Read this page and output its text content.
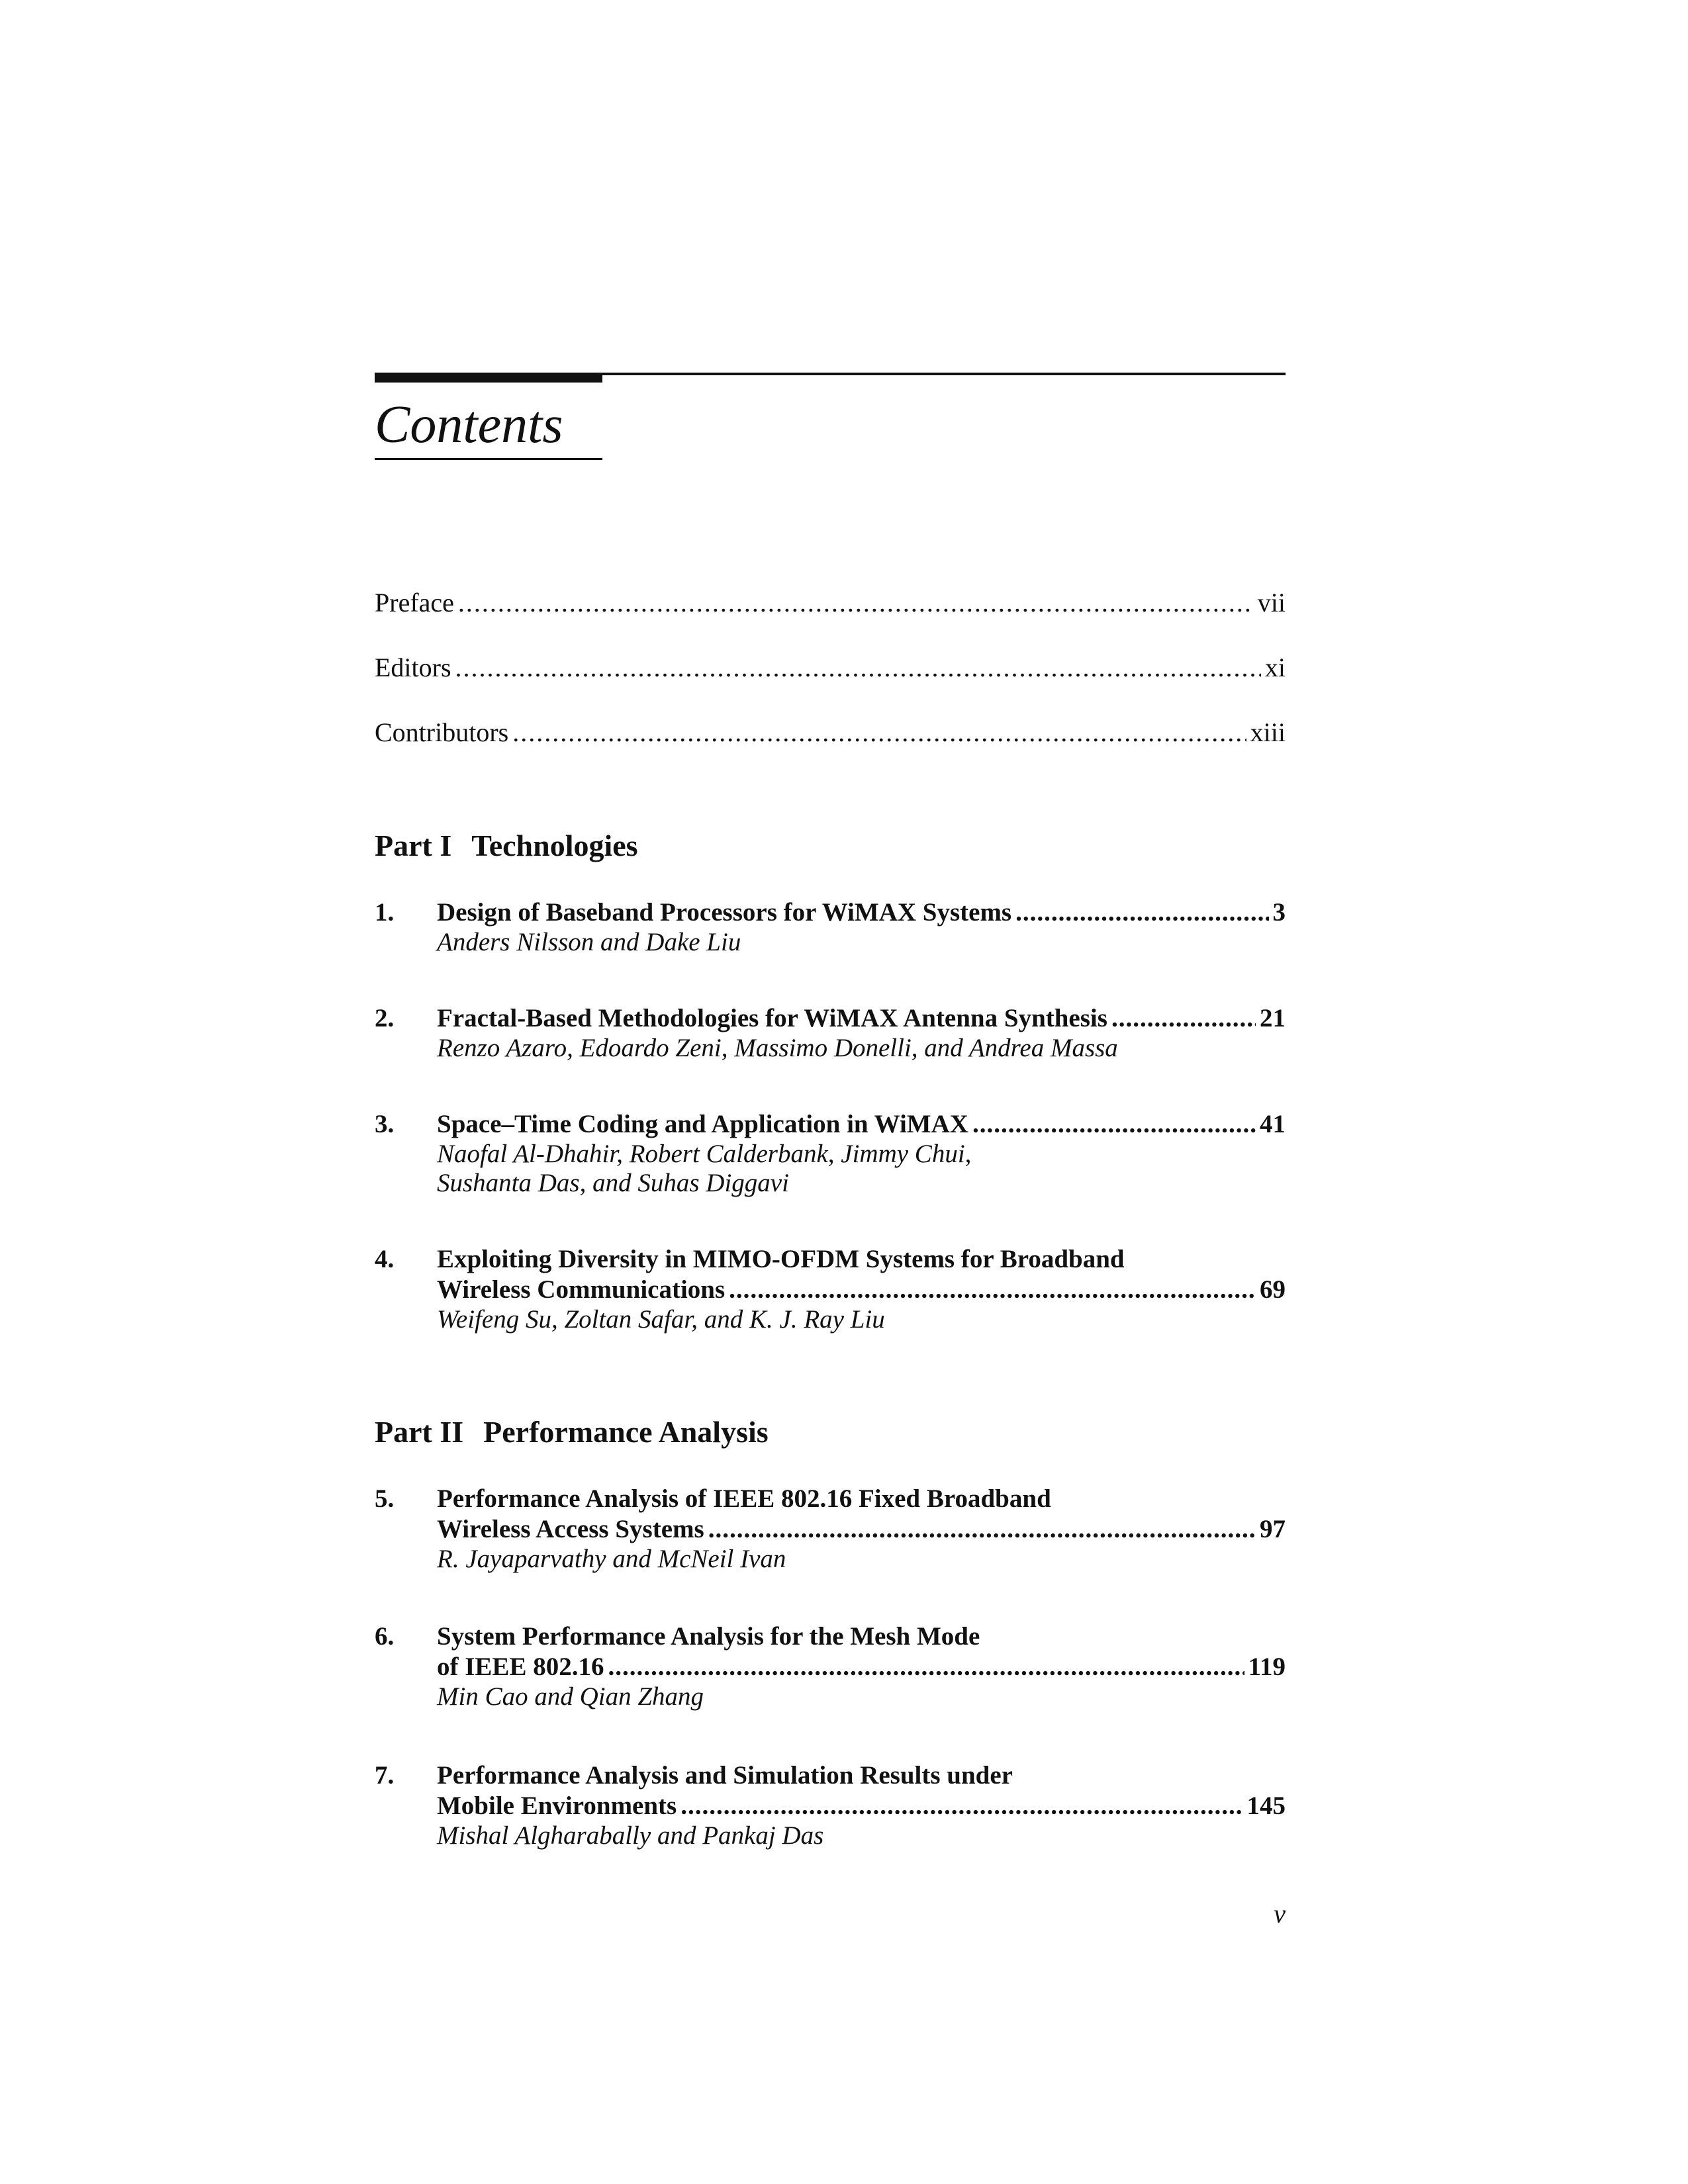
Contents
Preface .....	vii
Editors .....	xi
Contributors .....	xiii
Part I Technologies
1. Design of Baseband Processors for WiMAX Systems .....	3
Anders Nilsson and Dake Liu
2. Fractal-Based Methodologies for WiMAX Antenna Synthesis .....	21
Renzo Azaro, Edoardo Zeni, Massimo Donelli, and Andrea Massa
3. Space–Time Coding and Application in WiMAX .....	41
Naofal Al-Dhahir, Robert Calderbank, Jimmy Chui,
Sushanta Das, and Suhas Diggavi
4. Exploiting Diversity in MIMO-OFDM Systems for Broadband
Wireless Communications .....	69
Weifeng Su, Zoltan Safar, and K. J. Ray Liu
Part II Performance Analysis
5. Performance Analysis of IEEE 802.16 Fixed Broadband
Wireless Access Systems .....	97
R. Jayaparvathy and McNeil Ivan
6. System Performance Analysis for the Mesh Mode
of IEEE 802.16 .....	119
Min Cao and Qian Zhang
7. Performance Analysis and Simulation Results under
Mobile Environments .....	145
Mishal Algharabally and Pankaj Das
v
